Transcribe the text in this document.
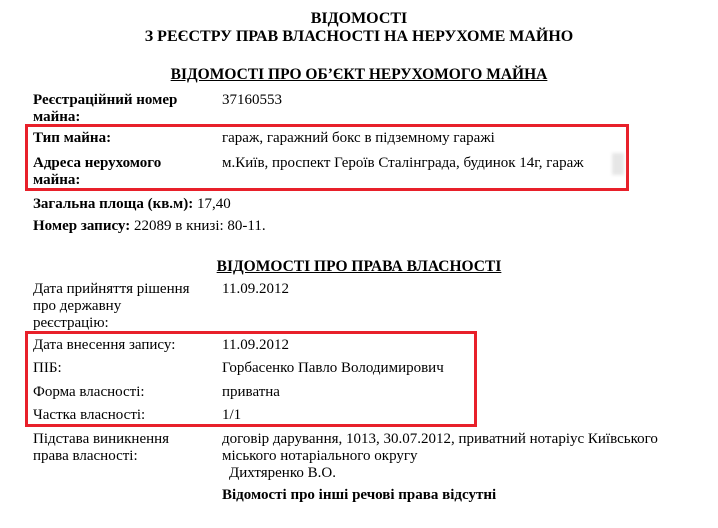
ВІДОМОСТІ
З РЕЄСТРУ ПРАВ ВЛАСНОСТІ НА НЕРУХОМЕ МАЙНО
ВІДОМОСТІ ПРО ОБ’ЄКТ НЕРУХОМОГО МАЙНА
Реєстраційний номер
майна:
37160553
Тип майна:	гараж, гаражний бокс в підземному гаражі
Адреса нерухомого
майна:
м.Київ, проспект Героїв Сталінграда, будинок 14г, гараж
Загальна площа (кв.м): 17,40
Номер запису: 22089 в книзі: 80-11.
ВІДОМОСТІ ПРО ПРАВА ВЛАСНОСТІ
Дата прийняття рішення
про державну
реєстрацію:
11.09.2012
Дата внесення запису:	11.09.2012
ПІБ:	Горбасенко Павло Володимирович
Форма власності:	приватна
Частка власності:	1/1
Підстава виникнення
права власності:
договір дарування, 1013, 30.07.2012, приватний нотаріус Київського
міського нотаріального округу
Дихтяренко В.О.
Відомості про інші речові права відсутні
